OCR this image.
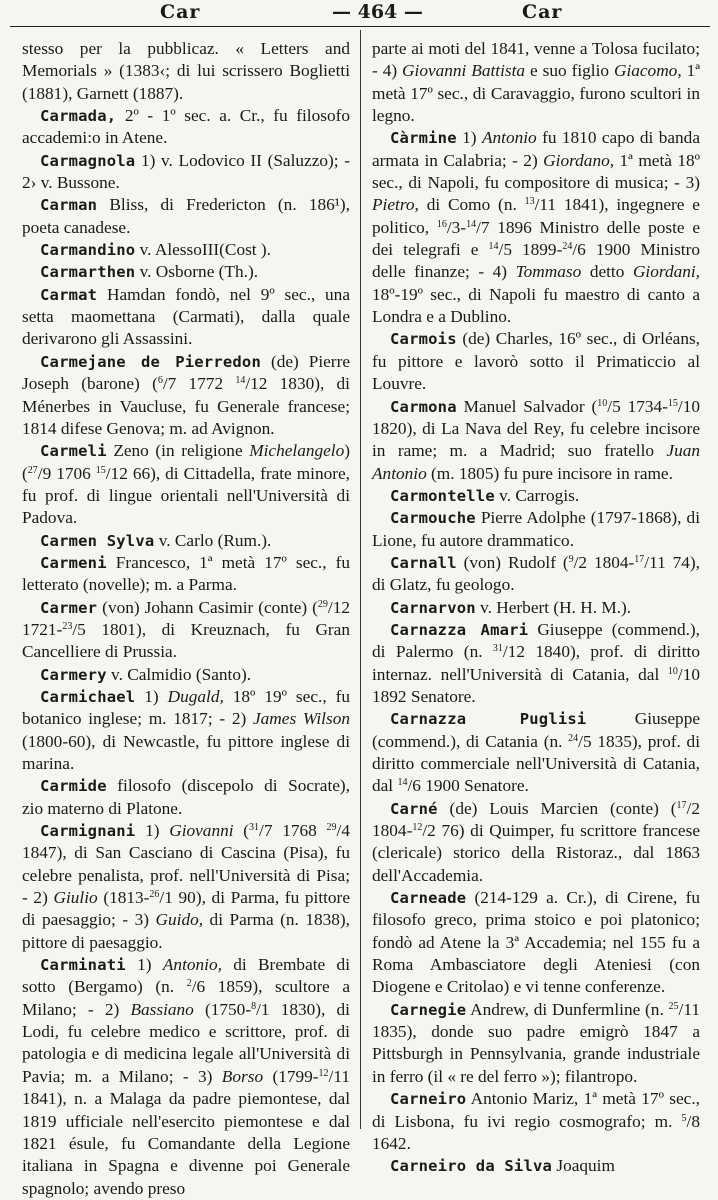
Car	— 464 —	Car

stesso per la pubblicaz. « Letters and Memorials » (1383‹; di lui scrissero Boglietti (1881), Garnett (1887).

Carmada, 2º - 1º sec. a. Cr., fu filosofo accademi:o in Atene.

Carmagnola 1) v. Lodovico II (Saluzzo); - 2› v. Bussone.

Carman Bliss, di Fredericton (n. 186¹), poeta canadese.

Carmandino v. AlessoIII(Cost ).

Carmarthen v. Osborne (Th.).

Carmat Hamdan fondò, nel 9º sec., una setta maomettana (Carmati), dalla quale derivarono gli Assassini.

Carmejane de Pierredon (de) Pierre Joseph (barone) ($^6$/7 1772 $^{14}$/12 1830), di Ménerbes in Vaucluse, fu Generale francese; 1814 difese Genova; m. ad Avignon.

Carmeli Zeno (in religione Michelangelo) ($^{27}$/9 1706 $^{15}$/12 66), di Cittadella, frate minore, fu prof. di lingue orientali nell'Università di Padova.

Carmen Sylva v. Carlo (Rum.).

Carmeni Francesco, 1ª metà 17º sec., fu letterato (novelle); m. a Parma.

Carmer (von) Johann Casimir (conte) ($^{29}$/12 1721-$^{23}$/5 1801), di Kreuznach, fu Gran Cancelliere di Prussia.

Carmery v. Calmidio (Santo).

Carmichael 1) Dugald, 18º 19º sec., fu botanico inglese; m. 1817; - 2) James Wilson (1800-60), di Newcastle, fu pittore inglese di marina.

Carmide filosofo (discepolo di Socrate), zio materno di Platone.

Carmignani 1) Giovanni ($^{31}$/7 1768 $^{29}$/4 1847), di San Casciano di Cascina (Pisa), fu celebre penalista, prof. nell'Università di Pisa; - 2) Giulio (1813-$^{26}$/1 90), di Parma, fu pittore di paesaggio; - 3) Guido, di Parma (n. 1838), pittore di paesaggio.

Carminati 1) Antonio, di Brembate di sotto (Bergamo) (n. $^2$/6 1859), scultore a Milano; - 2) Bassiano (1750-$^8$/1 1830), di Lodi, fu celebre medico e scrittore, prof. di patologia e di medicina legale all'Università di Pavia; m. a Milano; - 3) Borso (1799-$^{12}$/11 1841), n. a Malaga da padre piemontese, dal 1819 ufficiale nell'esercito piemontese e dal 1821 ésule, fu Comandante della Legione italiana in Spagna e divenne poi Generale spagnolo; avendo preso

parte ai moti del 1841, venne a Tolosa fucilato; - 4) Giovanni Battista e suo figlio Giacomo, 1ª metà 17º sec., di Caravaggio, furono scultori in legno.

Càrmine 1) Antonio fu 1810 capo di banda armata in Calabria; - 2) Giordano, 1ª metà 18º sec., di Napoli, fu compositore di musica; - 3) Pietro, di Como (n. $^{13}$/11 1841), ingegnere e politico, $^{16}$/3-$^{14}$/7 1896 Ministro delle poste e dei telegrafi e $^{14}$/5 1899-$^{24}$/6 1900 Ministro delle finanze; - 4) Tommaso detto Giordani, 18º-19º sec., di Napoli fu maestro di canto a Londra e a Dublino.

Carmois (de) Charles, 16º sec., di Orléans, fu pittore e lavorò sotto il Primaticcio al Louvre.

Carmona Manuel Salvador ($^{10}$/5 1734-$^{15}$/10 1820), di La Nava del Rey, fu celebre incisore in rame; m. a Madrid; suo fratello Juan Antonio (m. 1805) fu pure incisore in rame.

Carmontelle v. Carrogis.

Carmouche Pierre Adolphe (1797-1868), di Lione, fu autore drammatico.

Carnall (von) Rudolf ($^9$/2 1804-$^{17}$/11 74), di Glatz, fu geologo.

Carnarvon v. Herbert (H. H. M.).

Carnazza Amari Giuseppe (commend.), di Palermo (n. $^{31}$/12 1840), prof. di diritto internaz. nell'Università di Catania, dal $^{10}$/10 1892 Senatore.

Carnazza Puglisi Giuseppe (commend.), di Catania (n. $^{24}$/5 1835), prof. di diritto commerciale nell'Università di Catania, dal $^{14}$/6 1900 Senatore.

Carné (de) Louis Marcien (conte) ($^{17}$/2 1804-$^{12}$/2 76) di Quimper, fu scrittore francese (clericale) storico della Ristoraz., dal 1863 dell'Accademia.

Carneade (214-129 a. Cr.), di Cirene, fu filosofo greco, prima stoico e poi platonico; fondò ad Atene la 3ª Accademia; nel 155 fu a Roma Ambasciatore degli Ateniesi (con Diogene e Critolao) e vi tenne conferenze.

Carnegie Andrew, di Dunfermline (n. $^{25}$/11 1835), donde suo padre emigrò 1847 a Pittsburgh in Pennsylvania, grande industriale in ferro (il « re del ferro »); filantropo.

Carneiro Antonio Mariz, 1ª metà 17º sec., di Lisbona, fu ivi regio cosmografo; m. $^5$/8 1642.

Carneiro da Silva Joaquim
